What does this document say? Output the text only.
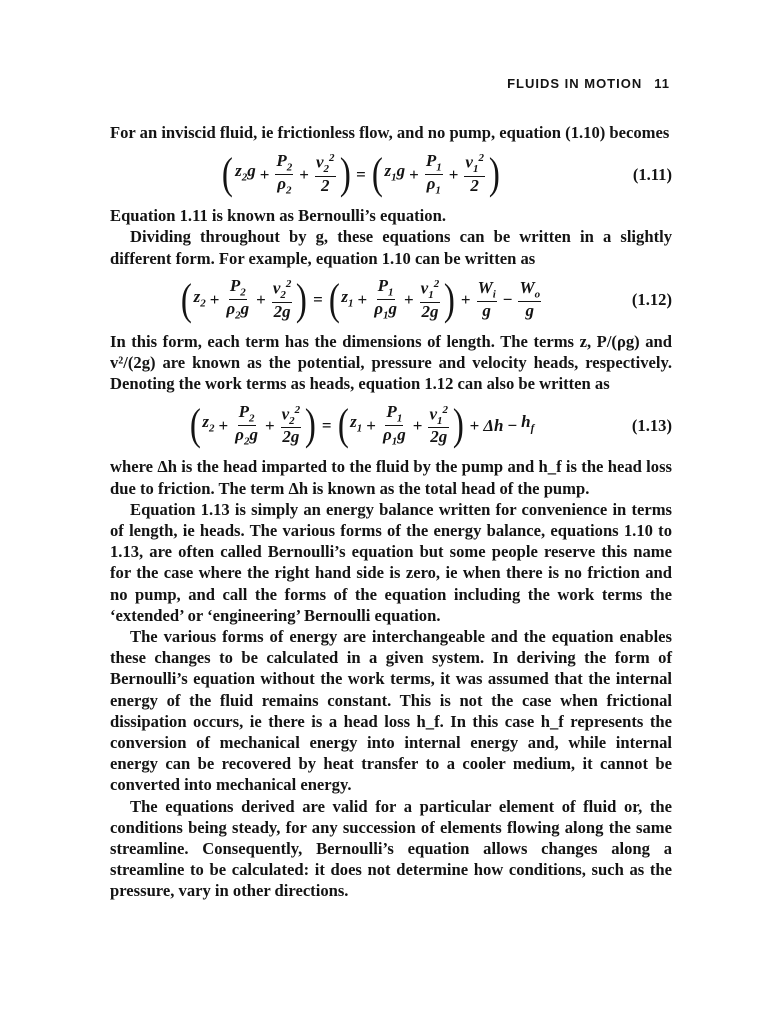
FLUIDS IN MOTION 11

For an inviscid fluid, ie frictionless flow, and no pump, equation (1.10) becomes

( $z_2g + \frac{P_2}{\rho_2} + \frac{v_2^2}{2}$ ) = ( $z_1g + \frac{P_1}{\rho_1} + \frac{v_1^2}{2}$ )	(1.11)

Equation 1.11 is known as Bernoulli’s equation.

Dividing throughout by g, these equations can be written in a slightly different form. For example, equation 1.10 can be written as

( $z_2 + \frac{P_2}{\rho_2g} + \frac{v_2^2}{2g}$ ) = ( $z_1 + \frac{P_1}{\rho_1g} + \frac{v_1^2}{2g}$ ) + $\frac{W_i}{g} - \frac{W_o}{g}$	(1.12)

In this form, each term has the dimensions of length. The terms z, P/(ρg) and v²/(2g) are known as the potential, pressure and velocity heads, respectively. Denoting the work terms as heads, equation 1.12 can also be written as

( $z_2 + \frac{P_2}{\rho_2g} + \frac{v_2^2}{2g}$ ) = ( $z_1 + \frac{P_1}{\rho_1g} + \frac{v_1^2}{2g}$ ) + $\Delta h - h_f$	(1.13)

where Δh is the head imparted to the fluid by the pump and h_f is the head loss due to friction. The term Δh is known as the total head of the pump.

Equation 1.13 is simply an energy balance written for convenience in terms of length, ie heads. The various forms of the energy balance, equations 1.10 to 1.13, are often called Bernoulli’s equation but some people reserve this name for the case where the right hand side is zero, ie when there is no friction and no pump, and call the forms of the equation including the work terms the ‘extended’ or ‘engineering’ Bernoulli equation.

The various forms of energy are interchangeable and the equation enables these changes to be calculated in a given system. In deriving the form of Bernoulli’s equation without the work terms, it was assumed that the internal energy of the fluid remains constant. This is not the case when frictional dissipation occurs, ie there is a head loss h_f. In this case h_f represents the conversion of mechanical energy into internal energy and, while internal energy can be recovered by heat transfer to a cooler medium, it cannot be converted into mechanical energy.

The equations derived are valid for a particular element of fluid or, the conditions being steady, for any succession of elements flowing along the same streamline. Consequently, Bernoulli’s equation allows changes along a streamline to be calculated: it does not determine how conditions, such as the pressure, vary in other directions.
